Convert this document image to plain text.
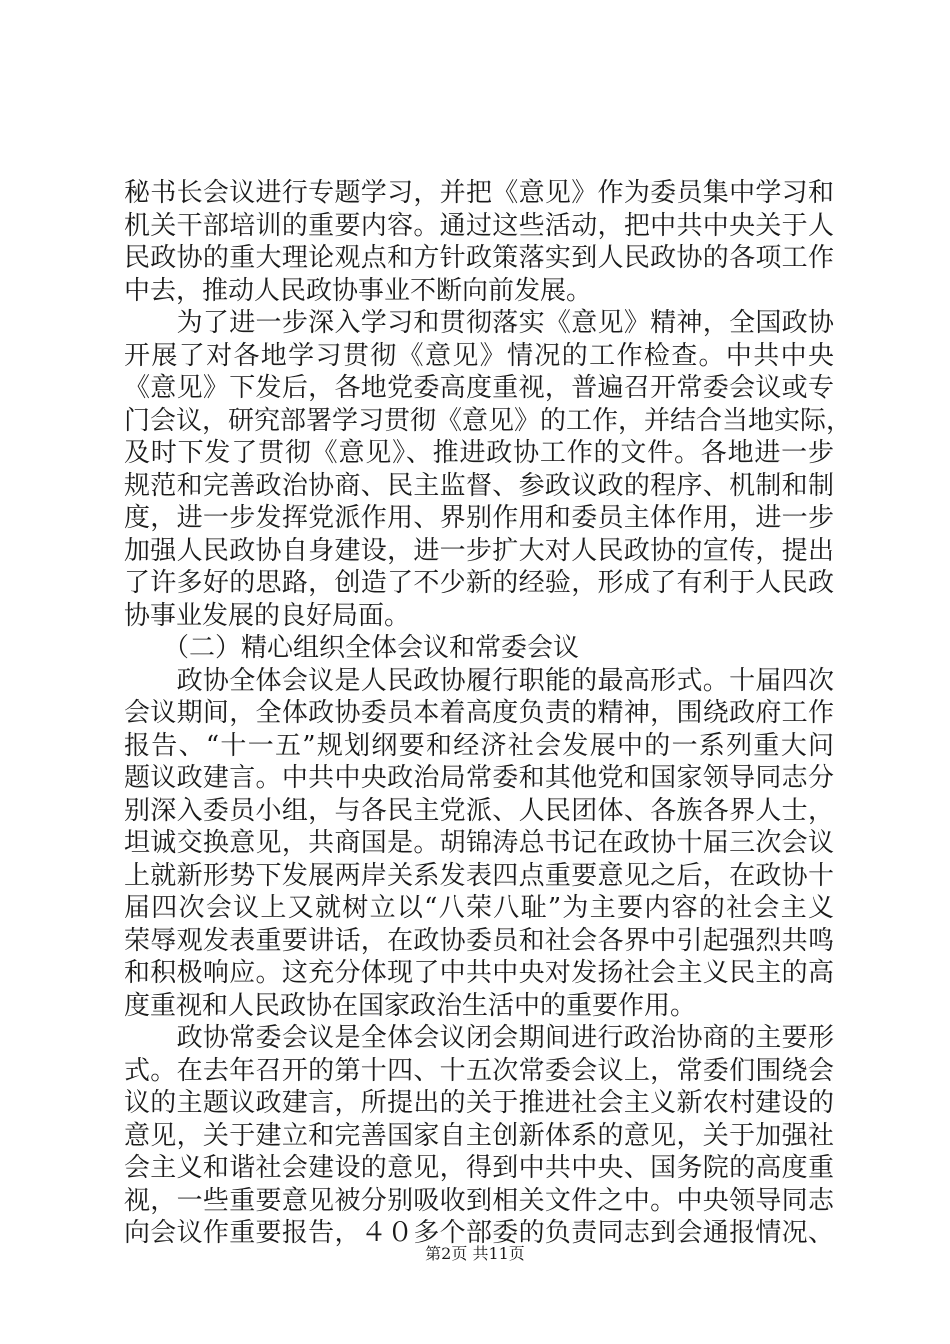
秘书长会议进行专题学习，并把《意见》作为委员集中学习和
机关干部培训的重要内容。通过这些活动，把中共中央关于人
民政协的重大理论观点和方针政策落实到人民政协的各项工作
中去，推动人民政协事业不断向前发展。
　　为了进一步深入学习和贯彻落实《意见》精神，全国政协
开展了对各地学习贯彻《意见》情况的工作检查。中共中央
《意见》下发后，各地党委高度重视，普遍召开常委会议或专
门会议，研究部署学习贯彻《意见》的工作，并结合当地实际，
及时下发了贯彻《意见》、推进政协工作的文件。各地进一步
规范和完善政治协商、民主监督、参政议政的程序、机制和制
度，进一步发挥党派作用、界别作用和委员主体作用，进一步
加强人民政协自身建设，进一步扩大对人民政协的宣传，提出
了许多好的思路，创造了不少新的经验，形成了有利于人民政
协事业发展的良好局面。
　　（二）精心组织全体会议和常委会议
　　政协全体会议是人民政协履行职能的最高形式。十届四次
会议期间，全体政协委员本着高度负责的精神，围绕政府工作
报告、“十一五”规划纲要和经济社会发展中的一系列重大问
题议政建言。中共中央政治局常委和其他党和国家领导同志分
别深入委员小组，与各民主党派、人民团体、各族各界人士，
坦诚交换意见，共商国是。胡锦涛总书记在政协十届三次会议
上就新形势下发展两岸关系发表四点重要意见之后，在政协十
届四次会议上又就树立以“八荣八耻”为主要内容的社会主义
荣辱观发表重要讲话，在政协委员和社会各界中引起强烈共鸣
和积极响应。这充分体现了中共中央对发扬社会主义民主的高
度重视和人民政协在国家政治生活中的重要作用。
　　政协常委会议是全体会议闭会期间进行政治协商的主要形
式。在去年召开的第十四、十五次常委会议上，常委们围绕会
议的主题议政建言，所提出的关于推进社会主义新农村建设的
意见，关于建立和完善国家自主创新体系的意见，关于加强社
会主义和谐社会建设的意见，得到中共中央、国务院的高度重
视，一些重要意见被分别吸收到相关文件之中。中央领导同志
向会议作重要报告，４０多个部委的负责同志到会通报情况、
第2页 共11页
